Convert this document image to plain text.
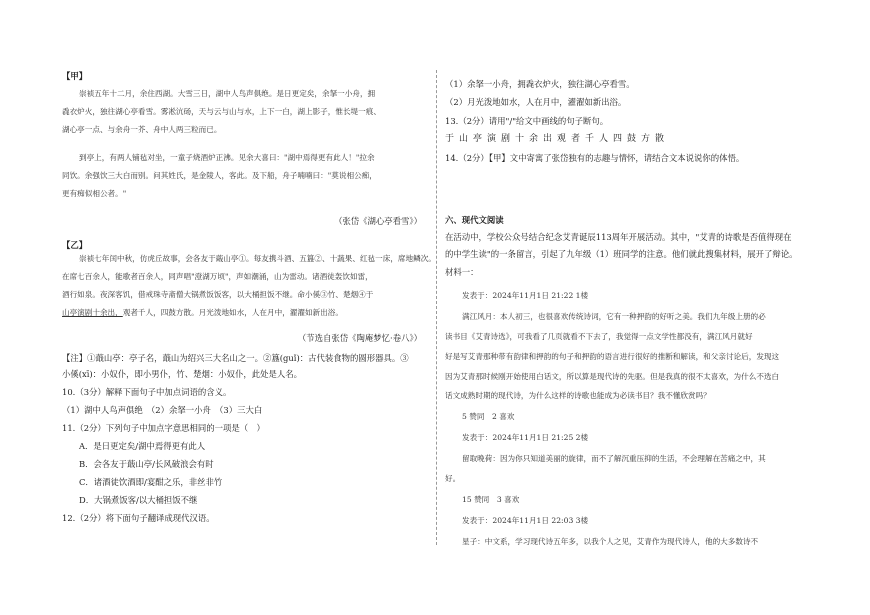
【甲】

崇祯五年十二月，余住西湖。大雪三日，湖中人鸟声俱绝。是日更定矣，余拏一小舟，拥

毳衣炉火，独往湖心亭看雪。雾凇沆砀，天与云与山与水，上下一白，湖上影子，惟长堤一痕、

湖心亭一点、与余舟一芥、舟中人两三粒而已。

到亭上，有两人铺毡对坐，一童子烧酒炉正沸。见余大喜曰："湖中焉得更有此人！"拉余

同饮。余强饮三大白而别。问其姓氏，是金陵人，客此。及下船，舟子喃喃曰："莫说相公痴，

更有痴似相公者。"

（张岱《湖心亭看雪》）

【乙】

崇祯七年闰中秋，仿虎丘故事，会各友于蕺山亭①。每友携斗酒、五簋②、十蔬果、红毡一床，席地鳞次。

在席七百余人，能歌者百余人，同声唱"澄湖万顷"，声如潮涌，山为雷动。诸酒徒轰饮如雷，

酒行如泉。夜深客饥，借戒珠寺斋僧大锅煮饭饭客，以大桶担饭不继。命小傒③竹、楚烟④于

山亭演剧十余出，观者千人，四鼓方散。月光泼地如水，人在月中，濯濯如新出浴。

（节选自张岱《陶庵梦忆·卷八》）

【注】①蕺山亭：亭子名，蕺山为绍兴三大名山之一。②簋(guǐ)：古代装食物的圆形器具。③

小傒(xī)：小奴仆，即小男仆，竹、楚烟：小奴仆，此处是人名。

10.（3分）解释下面句子中加点词语的含义。

（1）湖中人鸟声俱绝　（2）余拏一小舟　（3）三大白

11.（2分）下列句子中加点字意思相同的一项是（　）

A．是日更定矣/湖中焉得更有此人

B．会各友于蕺山亭/长风破浪会有时

C．诸酒徒饮酒即/宴酣之乐，非丝非竹

D．大锅煮饭客/以大桶担饭不继

12.（2分）将下面句子翻译成现代汉语。

（1）余拏一小舟，拥毳衣炉火，独往湖心亭看雪。

（2）月光泼地如水，人在月中，濯濯如新出浴。

13.（2分）请用"/"给文中画线的句子断句。

于山亭演剧十余出观者千人四鼓方散

14.（2分）【甲】文中寄寓了张岱独有的志趣与情怀，请结合文本说说你的体悟。

六、现代文阅读

在活动中，学校公众号结合纪念艾青诞辰113周年开展活动。其中，"艾青的诗歌是否值得现在

的中学生读"的一条留言，引起了九年级（1）班同学的注意。他们就此搜集材料，展开了辩论。

材料一：

发表于：2024年11月1日 21:22 1楼

满江风月：本人初三，也很喜欢传统诗词，它有一种押韵的好听之美。我们九年级上册的必

读书目《艾青诗选》，可我看了几页就看不下去了，我觉得一点文学性都没有，满江风月就好

好是写艾青那种带有韵律和押韵的句子和押韵的语言进行很好的推断和解读，和父亲讨论后，发现这

因为艾青那时候刚开始使用白话文，所以算是现代诗的先驱。但是我真的很不太喜欢，为什么不选白

话文成熟时期的现代诗，为什么这样的诗歌也能成为必读书目？我不懂欣赏吗？

5 赞同　2 喜欢

发表于：2024年11月1日 21:25 2楼

留取晚荷：因为你只知道美丽的旋律，而不了解沉重压抑的生活，不会理解在苦痛之中，其

好。

15 赞同　3 喜欢

发表于：2024年11月1日 22:03 3楼

星子：中文系，学习现代诗五年多，以我个人之见，艾青作为现代诗人，他的大多数诗不
